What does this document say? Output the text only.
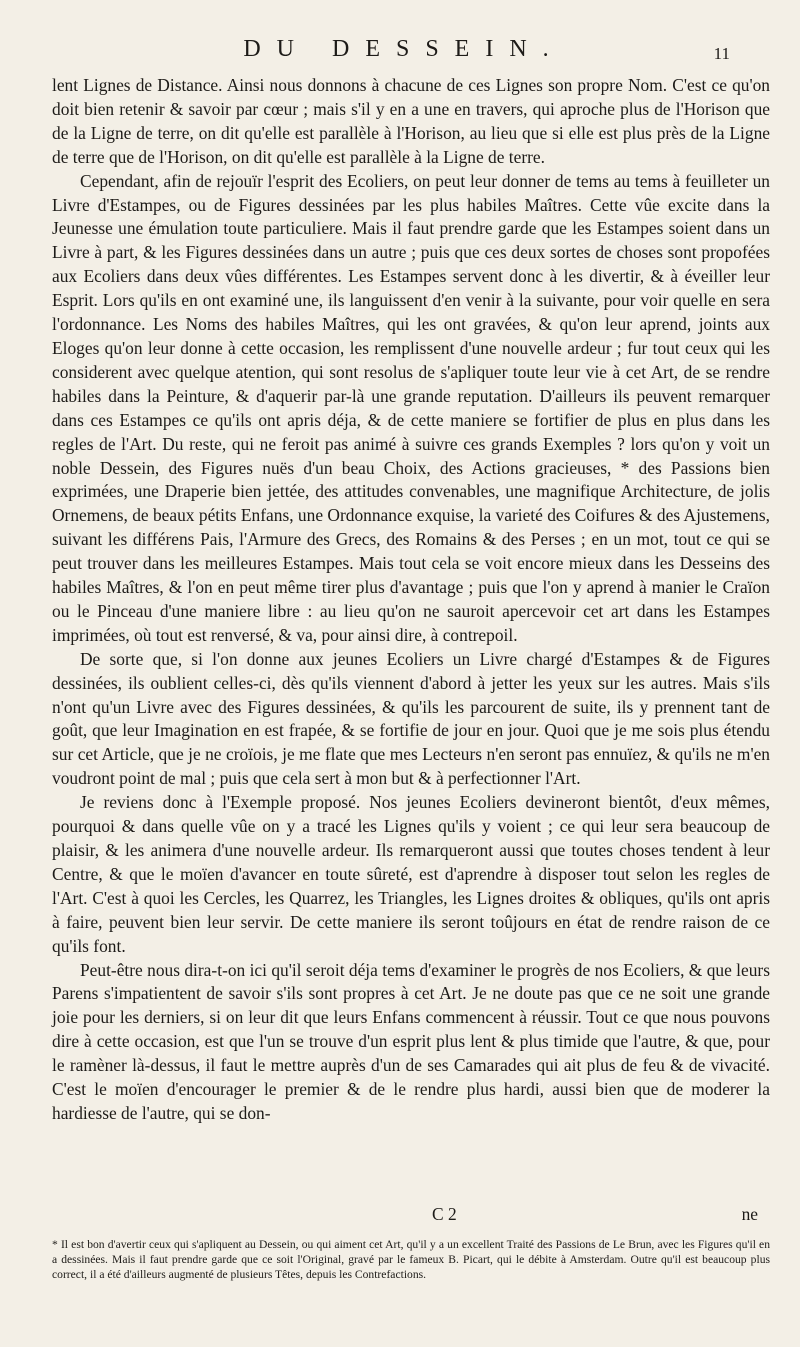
DU DESSEIN.	11

lent Lignes de Distance. Ainsi nous donnons à chacune de ces Lignes son propre Nom. C'est ce qu'on doit bien retenir & savoir par cœur ; mais s'il y en a une en travers, qui aproche plus de l'Horison que de la Ligne de terre, on dit qu'elle est parallèle à l'Horison, au lieu que si elle est plus près de la Ligne de terre que de l'Horison, on dit qu'elle est parallèle à la Ligne de terre.

Cependant, afin de rejouïr l'esprit des Ecoliers, on peut leur donner de tems au tems à feuilleter un Livre d'Estampes, ou de Figures dessinées par les plus habiles Maîtres. Cette vûe excite dans la Jeunesse une émulation toute particuliere. Mais il faut prendre garde que les Estampes soient dans un Livre à part, & les Figures dessinées dans un autre ; puis que ces deux sortes de choses sont propofées aux Ecoliers dans deux vûes différentes. Les Estampes servent donc à les divertir, & à éveiller leur Esprit. Lors qu'ils en ont examiné une, ils languissent d'en venir à la suivante, pour voir quelle en sera l'ordonnance. Les Noms des habiles Maîtres, qui les ont gravées, & qu'on leur aprend, joints aux Eloges qu'on leur donne à cette occasion, les remplissent d'une nouvelle ardeur ; fur tout ceux qui les considerent avec quelque atention, qui sont resolus de s'apliquer toute leur vie à cet Art, de se rendre habiles dans la Peinture, & d'aquerir par-là une grande reputation. D'ailleurs ils peuvent remarquer dans ces Estampes ce qu'ils ont apris déja, & de cette maniere se fortifier de plus en plus dans les regles de l'Art. Du reste, qui ne feroit pas animé à suivre ces grands Exemples ? lors qu'on y voit un noble Dessein, des Figures nuës d'un beau Choix, des Actions gracieuses, * des Passions bien exprimées, une Draperie bien jettée, des attitudes convenables, une magnifique Architecture, de jolis Ornemens, de beaux pétits Enfans, une Ordonnance exquise, la varieté des Coifures & des Ajustemens, suivant les différens Pais, l'Armure des Grecs, des Romains & des Perses ; en un mot, tout ce qui se peut trouver dans les meilleures Estampes. Mais tout cela se voit encore mieux dans les Desseins des habiles Maîtres, & l'on en peut même tirer plus d'avantage ; puis que l'on y aprend à manier le Craïon ou le Pinceau d'une maniere libre : au lieu qu'on ne sauroit apercevoir cet art dans les Estampes imprimées, où tout est renversé, & va, pour ainsi dire, à contrepoil.

De sorte que, si l'on donne aux jeunes Ecoliers un Livre chargé d'Estampes & de Figures dessinées, ils oublient celles-ci, dès qu'ils viennent d'abord à jetter les yeux sur les autres. Mais s'ils n'ont qu'un Livre avec des Figures dessinées, & qu'ils les parcourent de suite, ils y prennent tant de goût, que leur Imagination en est frapée, & se fortifie de jour en jour. Quoi que je me sois plus étendu sur cet Article, que je ne croïois, je me flate que mes Lecteurs n'en seront pas ennuïez, & qu'ils ne m'en voudront point de mal ; puis que cela sert à mon but & à perfectionner l'Art.

Je reviens donc à l'Exemple proposé. Nos jeunes Ecoliers devineront bientôt, d'eux mêmes, pourquoi & dans quelle vûe on y a tracé les Lignes qu'ils y voient ; ce qui leur sera beaucoup de plaisir, & les animera d'une nouvelle ardeur. Ils remarqueront aussi que toutes choses tendent à leur Centre, & que le moïen d'avancer en toute sûreté, est d'aprendre à disposer tout selon les regles de l'Art. C'est à quoi les Cercles, les Quarrez, les Triangles, les Lignes droites & obliques, qu'ils ont apris à faire, peuvent bien leur servir. De cette maniere ils seront toûjours en état de rendre raison de ce qu'ils font.

Peut-être nous dira-t-on ici qu'il seroit déja tems d'examiner le progrès de nos Ecoliers, & que leurs Parens s'impatientent de savoir s'ils sont propres à cet Art. Je ne doute pas que ce ne soit une grande joie pour les derniers, si on leur dit que leurs Enfans commencent à réussir. Tout ce que nous pouvons dire à cette occasion, est que l'un se trouve d'un esprit plus lent & plus timide que l'autre, & que, pour le ramèner là-dessus, il faut le mettre auprès d'un de ses Camarades qui ait plus de feu & de vivacité. C'est le moïen d'encourager le premier & de le rendre plus hardi, aussi bien que de moderer la hardiesse de l'autre, qui se don-

C 2	ne
* Il est bon d'avertir ceux qui s'apliquent au Dessein, ou qui aiment cet Art, qu'il y a un excellent Traité des Passions de Le Brun, avec les Figures qu'il en a dessinées. Mais il faut prendre garde que ce soit l'Original, gravé par le fameux B. Picart, qui le débite à Amsterdam. Outre qu'il est beaucoup plus correct, il a été d'ailleurs augmenté de plusieurs Têtes, depuis les Contrefactions.
